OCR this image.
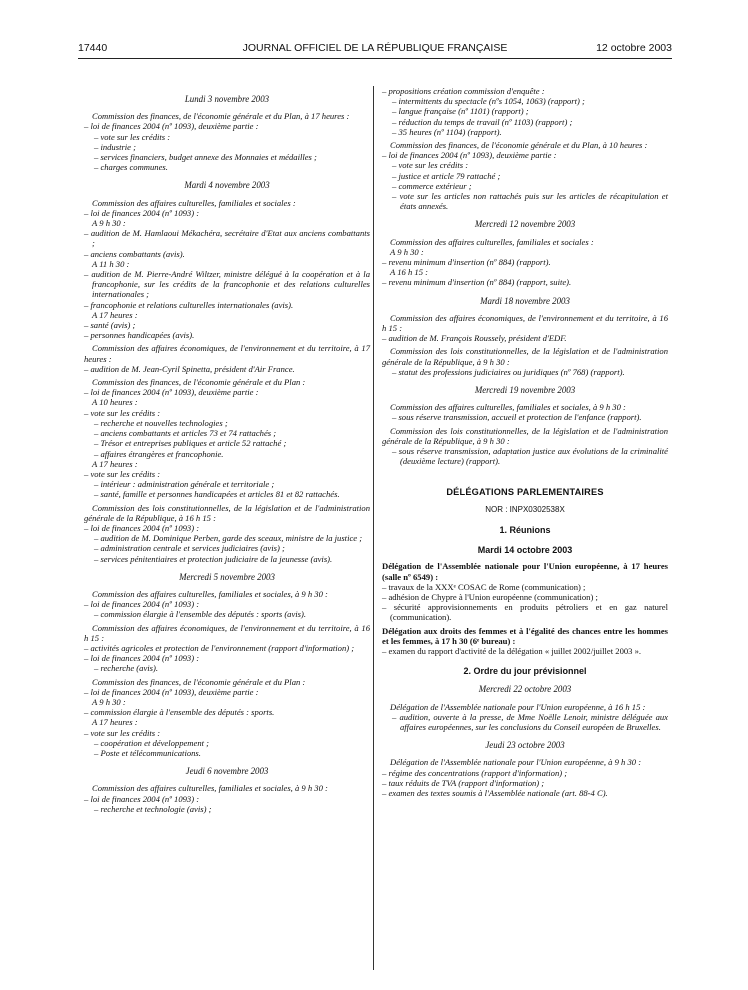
17440	JOURNAL OFFICIEL DE LA RÉPUBLIQUE FRANÇAISE	12 octobre 2003

Lundi 3 novembre 2003

Commission des finances, de l'économie générale et du Plan, à 17 heures :

– loi de finances 2004 (nº 1093), deuxième partie :

– vote sur les crédits :

– industrie ;

– services financiers, budget annexe des Monnaies et médailles ;

– charges communes.

Mardi 4 novembre 2003

Commission des affaires culturelles, familiales et sociales :

– loi de finances 2004 (nº 1093) :

A 9 h 30 :

– audition de M. Hamlaoui Mékachéra, secrétaire d'Etat aux anciens combattants ;

– anciens combattants (avis).

A 11 h 30 :

– audition de M. Pierre-André Wiltzer, ministre délégué à la coopération et à la francophonie, sur les crédits de la francophonie et des relations culturelles internationales ;

– francophonie et relations culturelles internationales (avis).

A 17 heures :

– santé (avis) ;

– personnes handicapées (avis).

Commission des affaires économiques, de l'environnement et du territoire, à 17 heures :

– audition de M. Jean-Cyril Spinetta, président d'Air France.

Commission des finances, de l'économie générale et du Plan :

– loi de finances 2004 (nº 1093), deuxième partie :

A 10 heures :

– vote sur les crédits :

– recherche et nouvelles technologies ;

– anciens combattants et articles 73 et 74 rattachés ;

– Trésor et entreprises publiques et article 52 rattaché ;

– affaires étrangères et francophonie.

A 17 heures :

– vote sur les crédits :

– intérieur : administration générale et territoriale ;

– santé, famille et personnes handicapées et articles 81 et 82 rattachés.

Commission des lois constitutionnelles, de la législation et de l'administration générale de la République, à 16 h 15 :

– loi de finances 2004 (nº 1093) :

– audition de M. Dominique Perben, garde des sceaux, ministre de la justice ;

– administration centrale et services judiciaires (avis) ;

– services pénitentiaires et protection judiciaire de la jeunesse (avis).

Mercredi 5 novembre 2003

Commission des affaires culturelles, familiales et sociales, à 9 h 30 :

– loi de finances 2004 (nº 1093) :

– commission élargie à l'ensemble des députés : sports (avis).

Commission des affaires économiques, de l'environnement et du territoire, à 16 h 15 :

– activités agricoles et protection de l'environnement (rapport d'information) ;

– loi de finances 2004 (nº 1093) :

– recherche (avis).

Commission des finances, de l'économie générale et du Plan :

– loi de finances 2004 (nº 1093), deuxième partie :

A 9 h 30 :

– commission élargie à l'ensemble des députés : sports.

A 17 heures :

– vote sur les crédits :

– coopération et développement ;

– Poste et télécommunications.

Jeudi 6 novembre 2003

Commission des affaires culturelles, familiales et sociales, à 9 h 30 :

– loi de finances 2004 (nº 1093) :

– recherche et technologie (avis) ;

– propositions création commission d'enquête :

– intermittents du spectacle (nºs 1054, 1063) (rapport) ;

– langue française (nº 1101) (rapport) ;

– réduction du temps de travail (nº 1103) (rapport) ;

– 35 heures (nº 1104) (rapport).

Commission des finances, de l'économie générale et du Plan, à 10 heures :

– loi de finances 2004 (nº 1093), deuxième partie :

– vote sur les crédits :

– justice et article 79 rattaché ;

– commerce extérieur ;

– vote sur les articles non rattachés puis sur les articles de récapitulation et états annexés.

Mercredi 12 novembre 2003

Commission des affaires culturelles, familiales et sociales :

A 9 h 30 :

– revenu minimum d'insertion (nº 884) (rapport).

A 16 h 15 :

– revenu minimum d'insertion (nº 884) (rapport, suite).

Mardi 18 novembre 2003

Commission des affaires économiques, de l'environnement et du territoire, à 16 h 15 :

– audition de M. François Roussely, président d'EDF.

Commission des lois constitutionnelles, de la législation et de l'administration générale de la République, à 9 h 30 :

– statut des professions judiciaires ou juridiques (nº 768) (rapport).

Mercredi 19 novembre 2003

Commission des affaires culturelles, familiales et sociales, à 9 h 30 :

– sous réserve transmission, accueil et protection de l'enfance (rapport).

Commission des lois constitutionnelles, de la législation et de l'administration générale de la République, à 9 h 30 :

– sous réserve transmission, adaptation justice aux évolutions de la criminalité (deuxième lecture) (rapport).

DÉLÉGATIONS PARLEMENTAIRES

NOR : INPX0302538X

1. Réunions

Mardi 14 octobre 2003

Délégation de l'Assemblée nationale pour l'Union européenne, à 17 heures (salle nº 6549) :

– travaux de la XXXᵉ COSAC de Rome (communication) ;

– adhésion de Chypre à l'Union européenne (communication) ;

– sécurité approvisionnements en produits pétroliers et en gaz naturel (communication).

Délégation aux droits des femmes et à l'égalité des chances entre les hommes et les femmes, à 17 h 30 (6ᵉ bureau) :

– examen du rapport d'activité de la délégation « juillet 2002/juillet 2003 ».

2. Ordre du jour prévisionnel

Mercredi 22 octobre 2003

Délégation de l'Assemblée nationale pour l'Union européenne, à 16 h 15 :

– audition, ouverte à la presse, de Mme Noëlle Lenoir, ministre déléguée aux affaires européennes, sur les conclusions du Conseil européen de Bruxelles.

Jeudi 23 octobre 2003

Délégation de l'Assemblée nationale pour l'Union européenne, à 9 h 30 :

– régime des concentrations (rapport d'information) ;

– taux réduits de TVA (rapport d'information) ;

– examen des textes soumis à l'Assemblée nationale (art. 88-4 C).
